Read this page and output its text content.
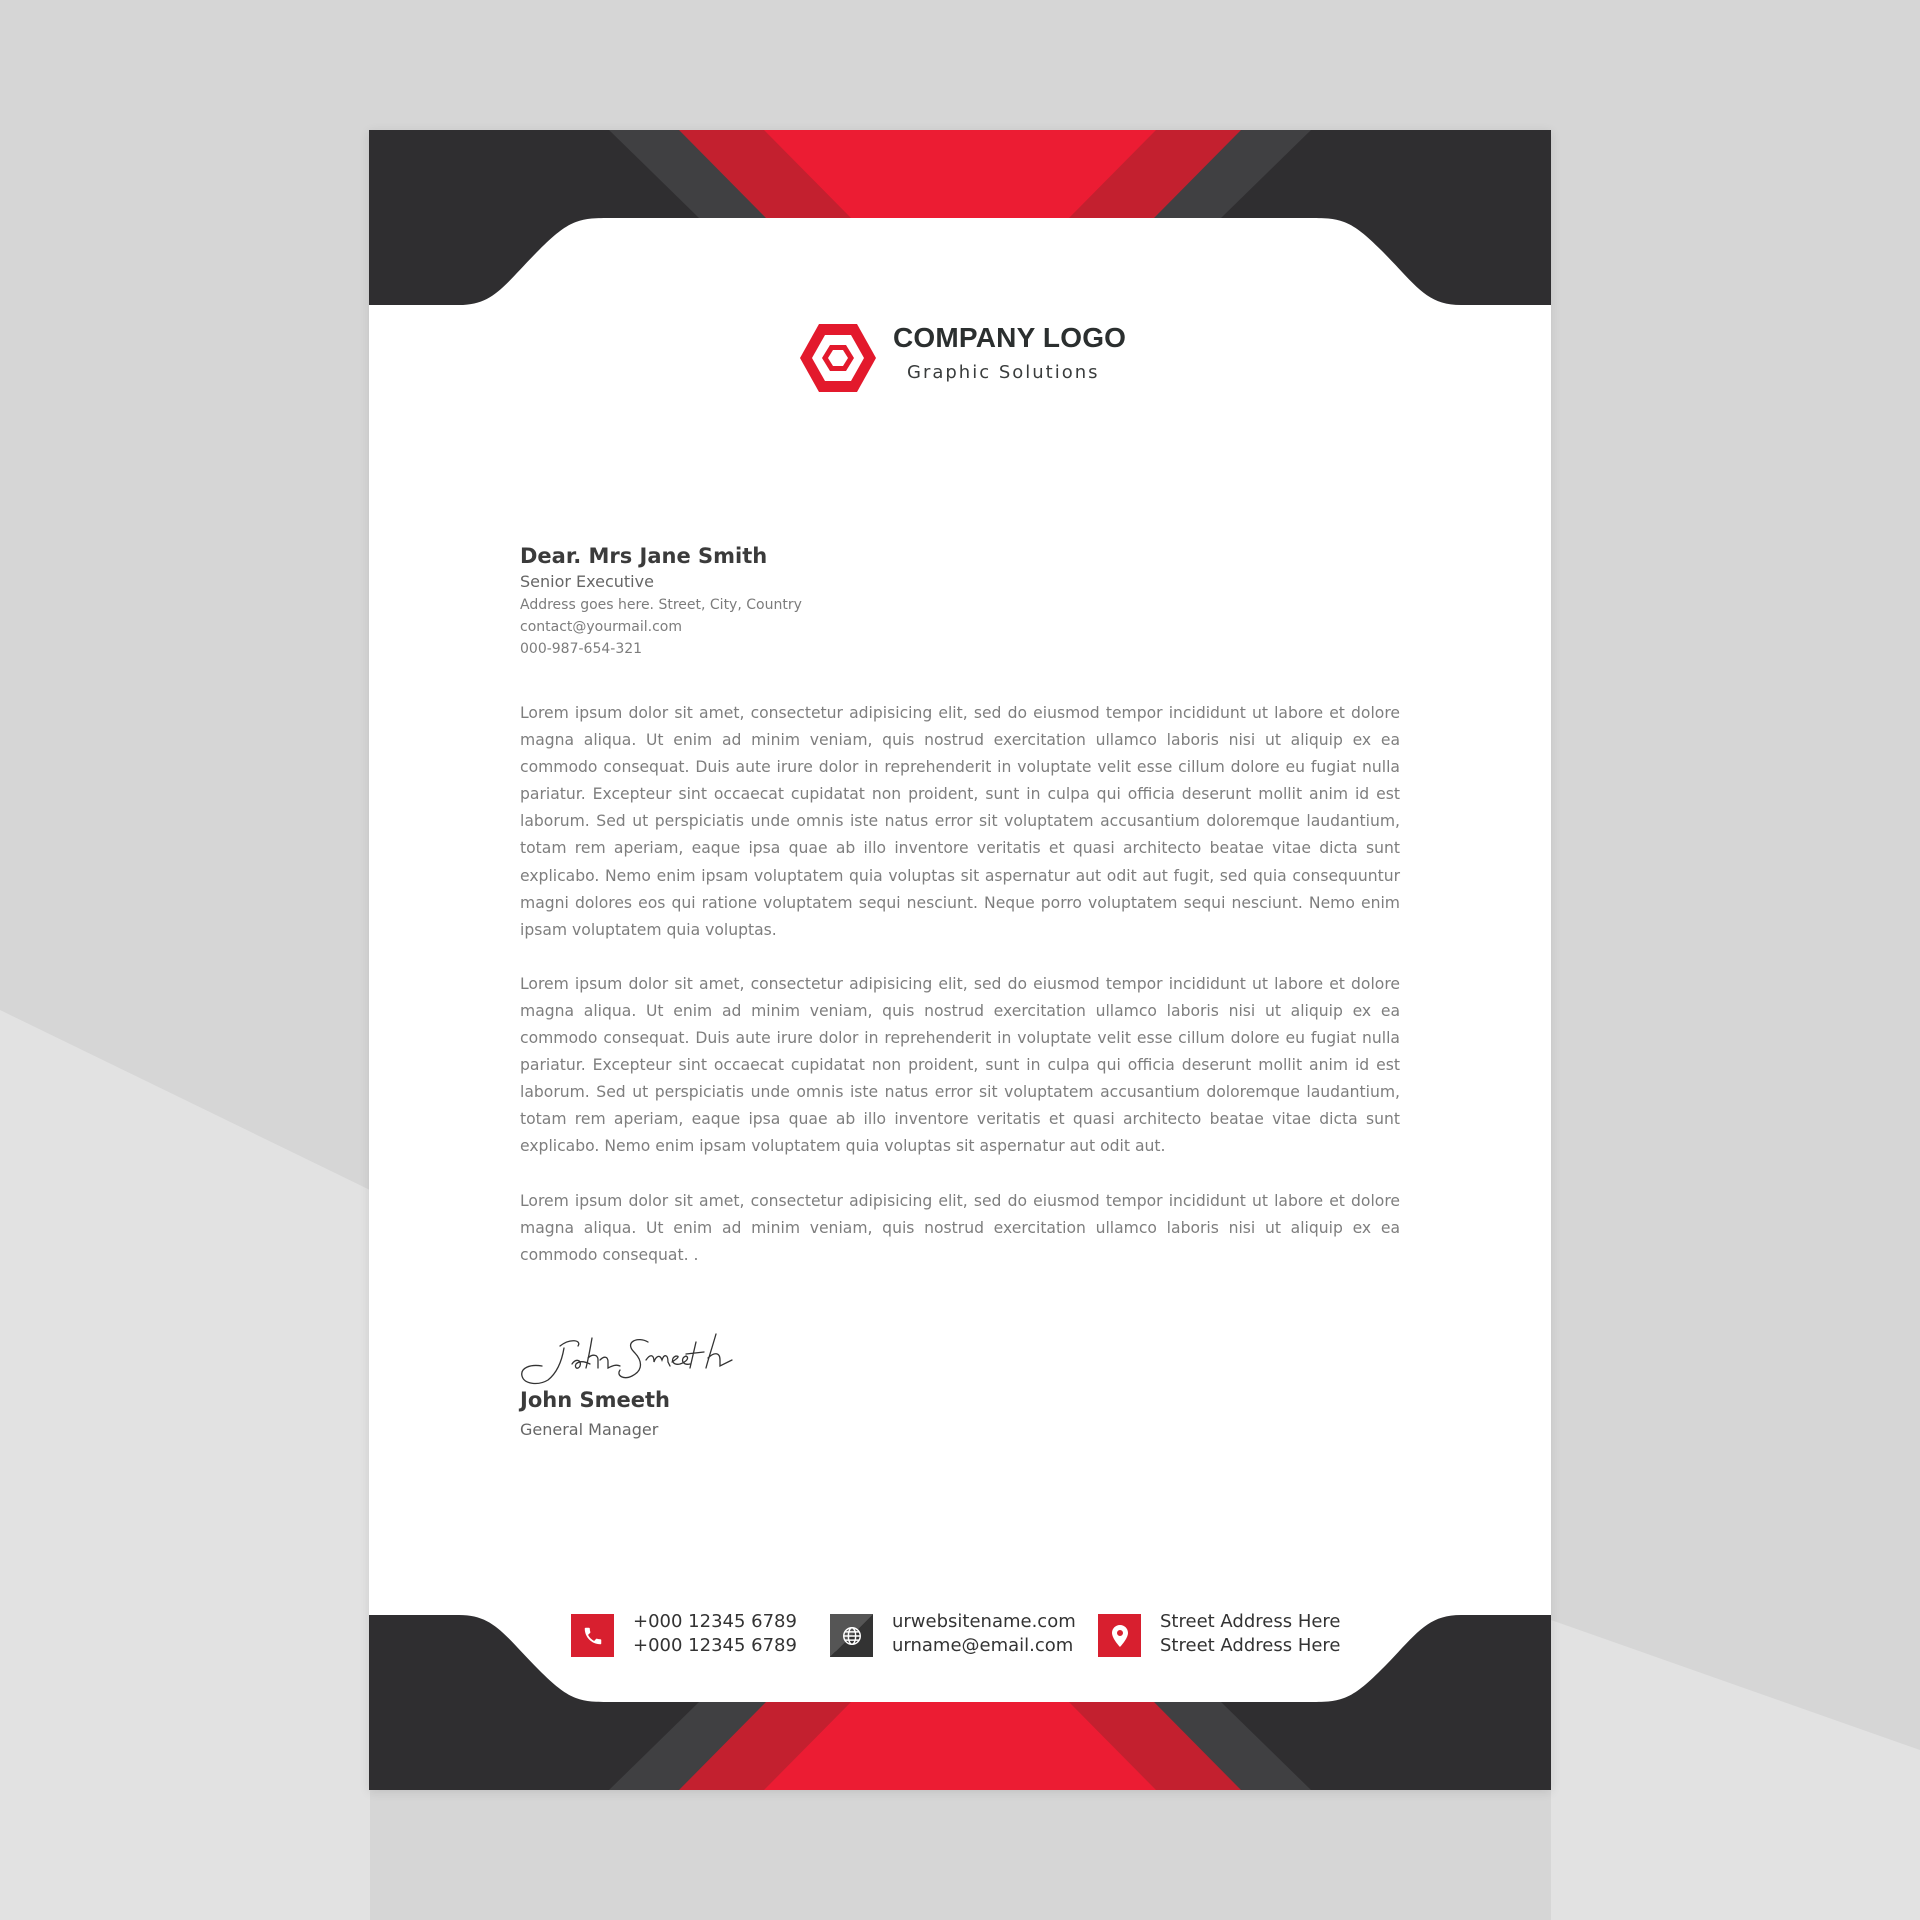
COMPANY LOGO
Graphic Solutions
Dear. Mrs Jane Smith
Senior Executive
Address goes here. Street, City, Country
contact@yourmail.com
000-987-654-321

Lorem ipsum dolor sit amet, consectetur adipisicing elit, sed do eiusmod tempor incididunt ut labore et dolore magna aliqua. Ut enim ad minim veniam, quis nostrud exercitation ullamco laboris nisi ut aliquip ex ea commodo consequat. Duis aute irure dolor in reprehenderit in voluptate velit esse cillum dolore eu fugiat nulla pariatur. Excepteur sint occaecat cupidatat non proident, sunt in culpa qui officia deserunt mollit anim id est laborum. Sed ut perspiciatis unde omnis iste natus error sit voluptatem accusantium doloremque laudantium, totam rem aperiam, eaque ipsa quae ab illo inventore veritatis et quasi architecto beatae vitae dicta sunt explicabo. Nemo enim ipsam voluptatem quia voluptas sit aspernatur aut odit aut fugit, sed quia consequuntur magni dolores eos qui ratione voluptatem sequi nesciunt. Neque porro voluptatem sequi nesciunt. Nemo enim ipsam voluptatem quia voluptas.

Lorem ipsum dolor sit amet, consectetur adipisicing elit, sed do eiusmod tempor incididunt ut labore et dolore magna aliqua. Ut enim ad minim veniam, quis nostrud exercitation ullamco laboris nisi ut aliquip ex ea commodo consequat. Duis aute irure dolor in reprehenderit in voluptate velit esse cillum dolore eu fugiat nulla pariatur. Excepteur sint occaecat cupidatat non proident, sunt in culpa qui officia deserunt mollit anim id est laborum. Sed ut perspiciatis unde omnis iste natus error sit voluptatem accusantium doloremque laudantium, totam rem aperiam, eaque ipsa quae ab illo inventore veritatis et quasi architecto beatae vitae dicta sunt explicabo. Nemo enim ipsam voluptatem quia voluptas sit aspernatur aut odit aut.

Lorem ipsum dolor sit amet, consectetur adipisicing elit, sed do eiusmod tempor incididunt ut labore et dolore magna aliqua. Ut enim ad minim veniam, quis nostrud exercitation ullamco laboris nisi ut aliquip ex ea commodo consequat. .

John Smeeth
General Manager
+000 12345 6789
+000 12345 6789
urwebsitename.com
urname@email.com
Street Address Here
Street Address Here
